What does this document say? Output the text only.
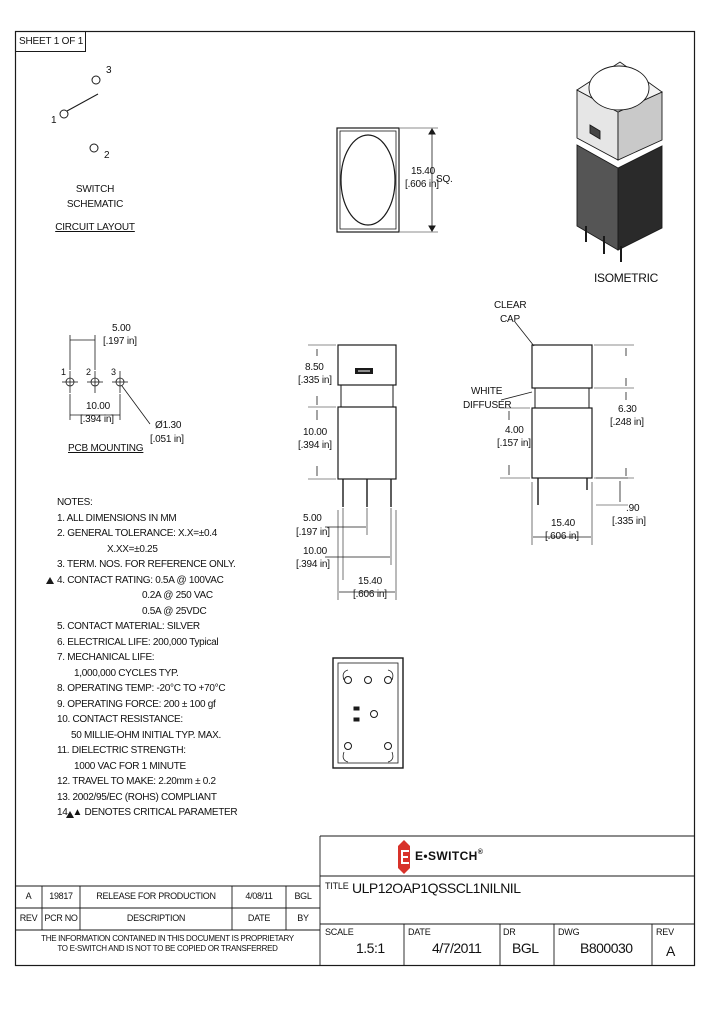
SHEET 1 OF 1
1
3
2
SWITCH
SCHEMATIC
CIRCUIT LAYOUT
5.00
[.197 in]
1 2 3
10.00
[.394 in]
Ø1.30
[.051 in]
PCB MOUNTING
15.40
[.606 in]
SQ.
ISOMETRIC
8.50
[.335 in]
10.00
[.394 in]
5.00
[.197 in]
10.00
[.394 in]
15.40
[.606 in]
CLEAR
CAP
WHITE
DIFFUSER
4.00
[.157 in]
6.30
[.248 in]
.90
[.335 in]
15.40
[.606 in]
NOTES:
1. ALL DIMENSIONS IN MM
2. GENERAL TOLERANCE: X.X=±0.4
X.XX=±0.25
3. TERM. NOS. FOR REFERENCE ONLY.
4. CONTACT RATING: 0.5A @ 100VAC
0.2A @ 250 VAC
0.5A @ 25VDC
5. CONTACT MATERIAL: SILVER
6. ELECTRICAL LIFE: 200,000 Typical
7. MECHANICAL LIFE:
1,000,000 CYCLES TYP.
8. OPERATING TEMP: -20°C TO +70°C
9. OPERATING FORCE: 200 ± 100 gf
10. CONTACT RESISTANCE:
50 MILLIE-OHM INITIAL TYP. MAX.
11. DIELECTRIC STRENGTH:
1000 VAC FOR 1 MINUTE
12. TRAVEL TO MAKE: 2.20mm ± 0.2
13. 2002/95/EC (ROHS) COMPLIANT
14. ▲ DENOTES CRITICAL PARAMETER
A	19817	RELEASE FOR PRODUCTION	4/08/11	BGL
REV PCR NO	DESCRIPTION	DATE	BY
THE INFORMATION CONTAINED IN THIS DOCUMENT IS PROPRIETARY
TO E-SWITCH AND IS NOT TO BE COPIED OR TRANSFERRED
E•SWITCH®
TITLE ULP12OAP1QSSCL1NILNIL
SCALE
1.5:1
DATE
4/7/2011
DR
BGL
DWG
B800030
REV
A
